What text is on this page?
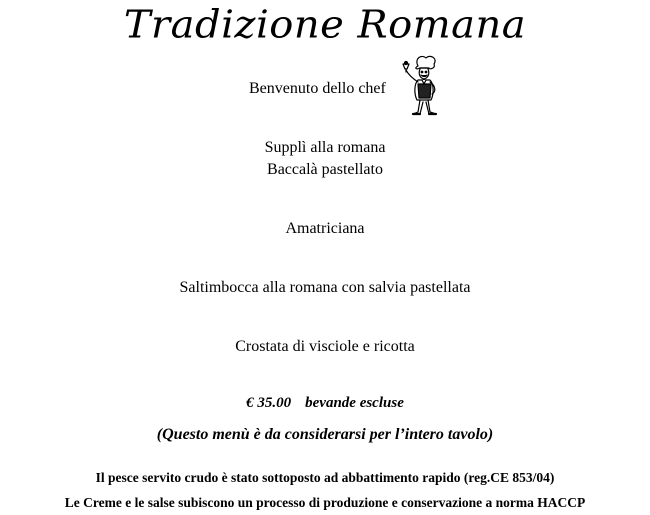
Tradizione Romana
Benvenuto dello chef
Supplì alla romana
Baccalà pastellato
Amatriciana
Saltimbocca alla romana con salvia pastellata
Crostata di visciole e ricotta
€ 35.00 bevande escluse
(Questo menù è da considerarsi per l’intero tavolo)
Il pesce servito crudo è stato sottoposto ad abbattimento rapido (reg.CE 853/04)
Le Creme e le salse subiscono un processo di produzione e conservazione a norma HACCP
